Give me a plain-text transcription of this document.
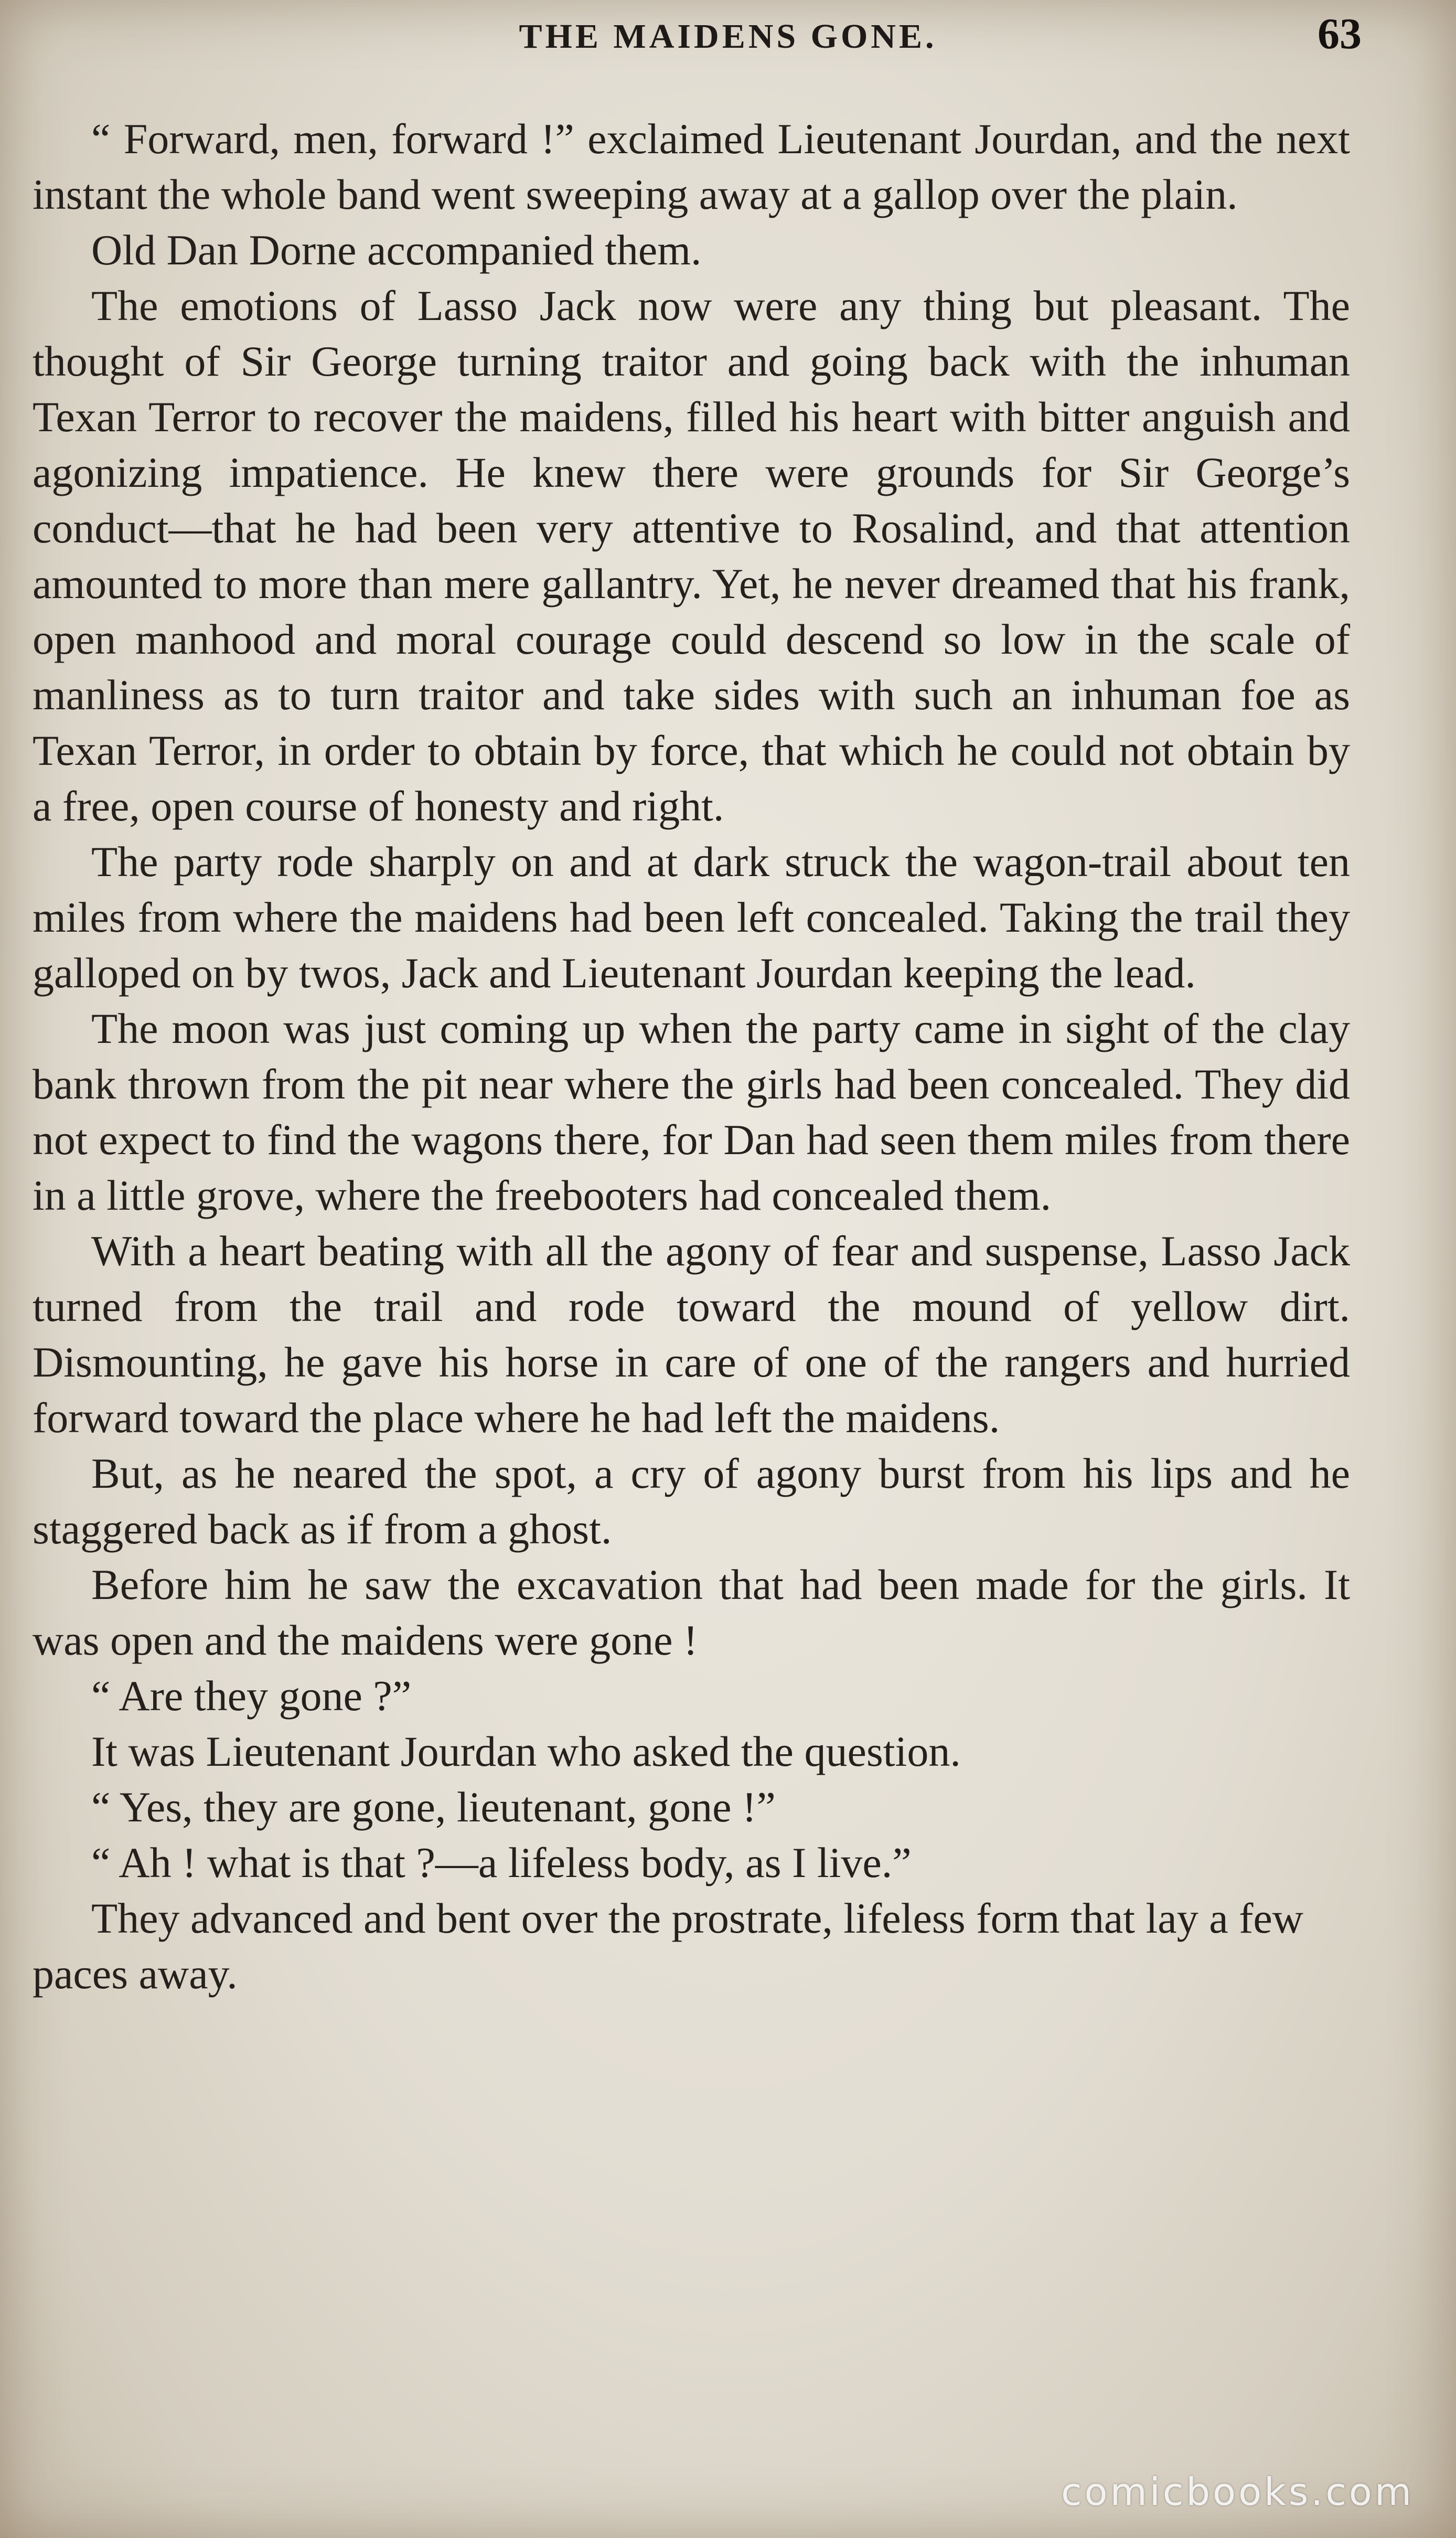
THE MAIDENS GONE.	63

“ Forward, men, forward !” exclaimed Lieutenant Jourdan, and the next instant the whole band went sweeping away at a gallop over the plain.

Old Dan Dorne accompanied them.

The emotions of Lasso Jack now were any thing but pleasant. The thought of Sir George turning traitor and going back with the inhuman Texan Terror to recover the maidens, filled his heart with bitter anguish and agonizing impatience. He knew there were grounds for Sir George’s conduct—that he had been very attentive to Rosalind, and that attention amounted to more than mere gallantry. Yet, he never dreamed that his frank, open manhood and moral courage could descend so low in the scale of manliness as to turn traitor and take sides with such an inhuman foe as Texan Terror, in order to obtain by force, that which he could not obtain by a free, open course of honesty and right.

The party rode sharply on and at dark struck the wagon-trail about ten miles from where the maidens had been left concealed. Taking the trail they galloped on by twos, Jack and Lieutenant Jourdan keeping the lead.

The moon was just coming up when the party came in sight of the clay bank thrown from the pit near where the girls had been concealed. They did not expect to find the wagons there, for Dan had seen them miles from there in a little grove, where the freebooters had concealed them.

With a heart beating with all the agony of fear and suspense, Lasso Jack turned from the trail and rode toward the mound of yellow dirt. Dismounting, he gave his horse in care of one of the rangers and hurried forward toward the place where he had left the maidens.

But, as he neared the spot, a cry of agony burst from his lips and he staggered back as if from a ghost.

Before him he saw the excavation that had been made for the girls. It was open and the maidens were gone !

“ Are they gone ?”

It was Lieutenant Jourdan who asked the question.

“ Yes, they are gone, lieutenant, gone !”

“ Ah ! what is that ?—a lifeless body, as I live.”

They advanced and bent over the prostrate, lifeless form that lay a few paces away.

comicbooks.com
